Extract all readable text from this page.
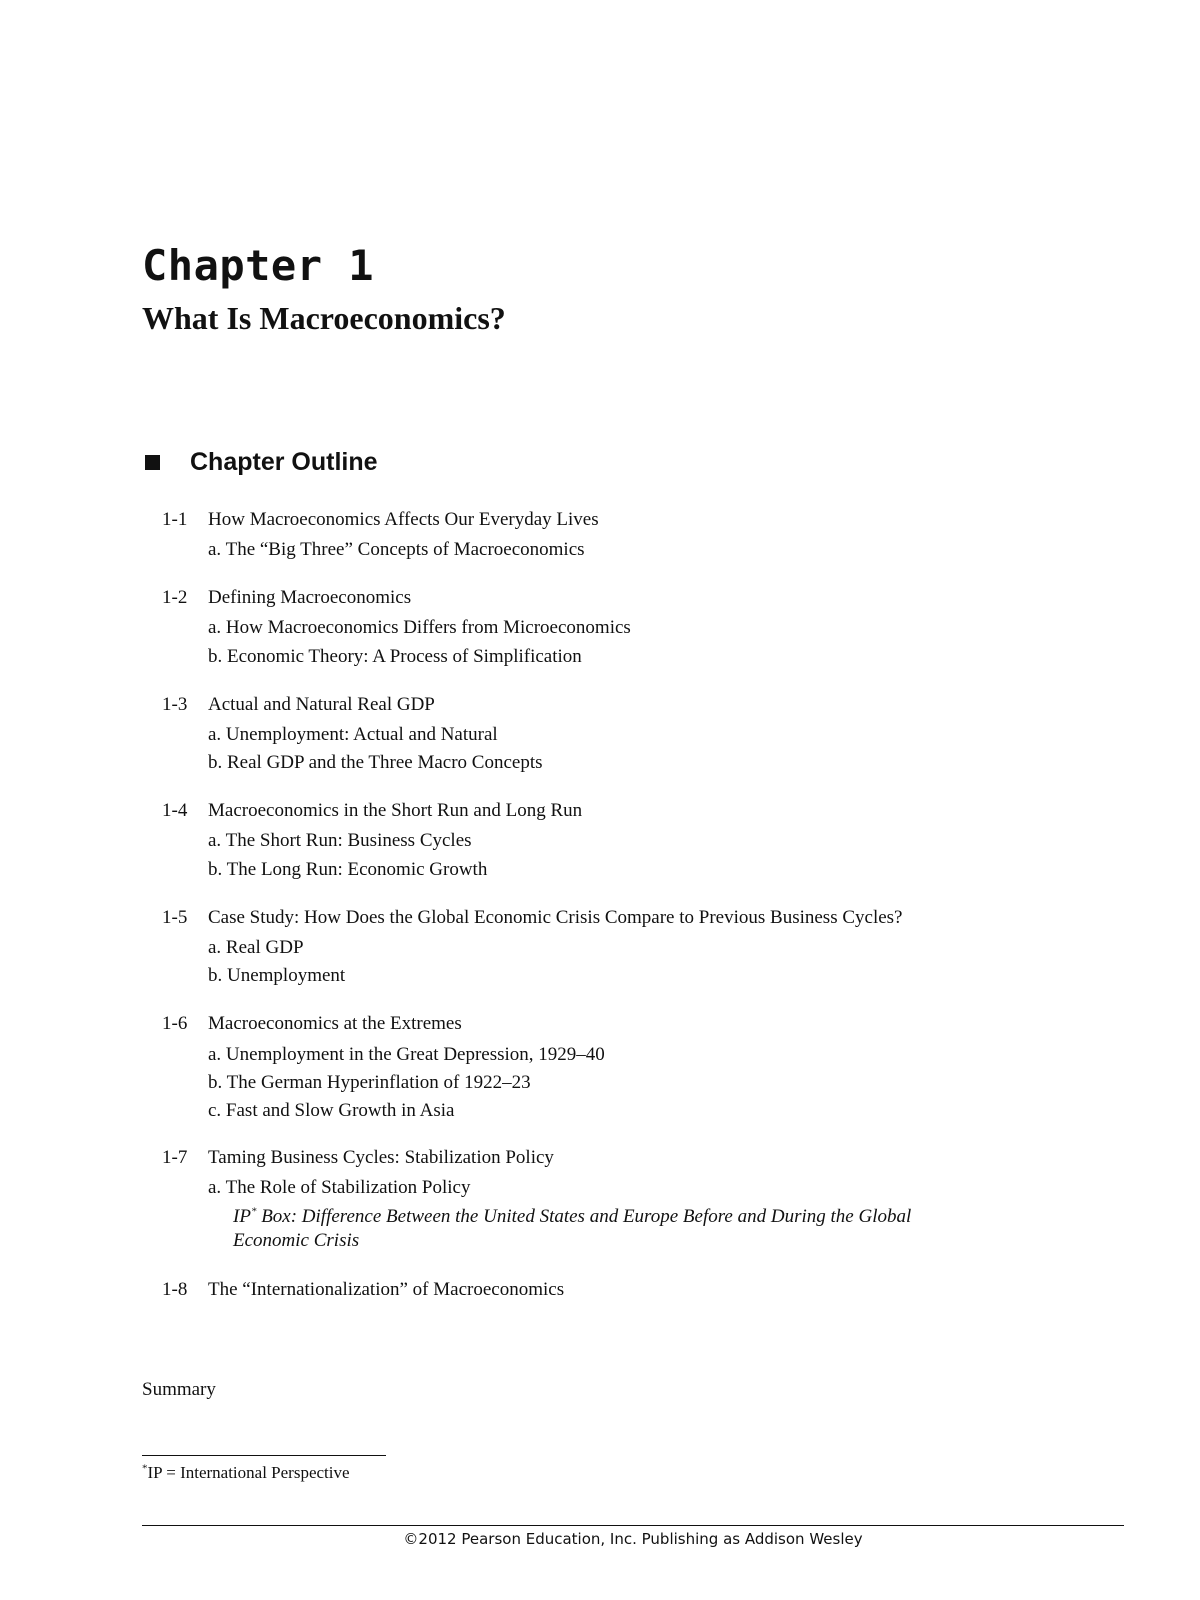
Chapter 1
What Is Macroeconomics?
Chapter Outline
1-1 How Macroeconomics Affects Our Everyday Lives
a. The “Big Three” Concepts of Macroeconomics
1-2 Defining Macroeconomics
a. How Macroeconomics Differs from Microeconomics
b. Economic Theory: A Process of Simplification
1-3 Actual and Natural Real GDP
a. Unemployment: Actual and Natural
b. Real GDP and the Three Macro Concepts
1-4 Macroeconomics in the Short Run and Long Run
a. The Short Run: Business Cycles
b. The Long Run: Economic Growth
1-5 Case Study: How Does the Global Economic Crisis Compare to Previous Business Cycles?
a. Real GDP
b. Unemployment
1-6 Macroeconomics at the Extremes
a. Unemployment in the Great Depression, 1929–40
b. The German Hyperinflation of 1922–23
c. Fast and Slow Growth in Asia
1-7 Taming Business Cycles: Stabilization Policy
a. The Role of Stabilization Policy
IP* Box: Difference Between the United States and Europe Before and During the Global
Economic Crisis
1-8 The “Internationalization” of Macroeconomics
Summary
*IP = International Perspective
©2012 Pearson Education, Inc. Publishing as Addison Wesley
